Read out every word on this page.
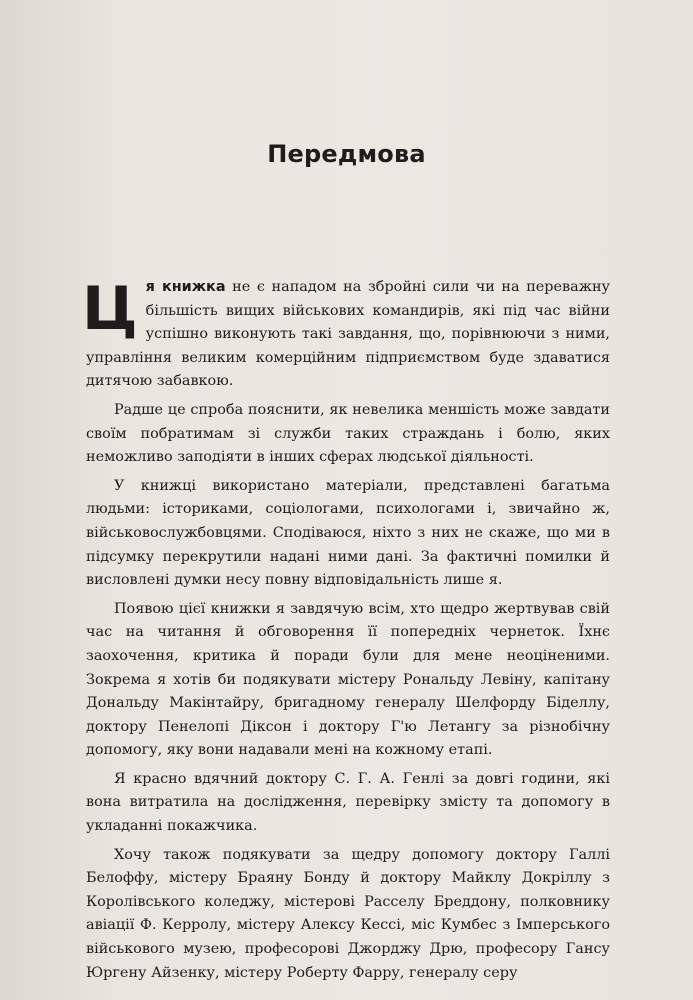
Передмова

Ця книжка не є нападом на збройні сили чи на переважну більшість вищих військових командирів, які під час війни успішно виконують такі завдання, що, порівнюючи з ними, управління великим комерційним підприємством буде здаватися дитячою забавкою.

Радше це спроба пояснити, як невелика меншість може завдати своїм побратимам зі служби таких страждань і болю, яких неможливо заподіяти в інших сферах людської діяльності.

У книжці використано матеріали, представлені багатьма людьми: істориками, соціологами, психологами і, звичайно ж, військовослужбовцями. Сподіваюся, ніхто з них не скаже, що ми в підсумку перекрутили надані ними дані. За фактичні помилки й висловлені думки несу повну відповідальність лише я.

Появою цієї книжки я завдячую всім, хто щедро жертвував свій час на читання й обговорення її попередніх чернеток. Їхнє заохочення, критика й поради були для мене неоціненими. Зокрема я хотів би подякувати містеру Рональду Левіну, капітану Дональду Макінтайру, бригадному генералу Шелфорду Біделлу, доктору Пенелопі Діксон і доктору Г'ю Летангу за різнобічну допомогу, яку вони надавали мені на кожному етапі.

Я красно вдячний доктору С. Г. А. Генлі за довгі години, які вона витратила на дослідження, перевірку змісту та допомогу в укладанні покажчика.

Хочу також подякувати за щедру допомогу доктору Галлі Белоффу, містеру Браяну Бонду й доктору Майклу Докріллу з Королівського коледжу, містерові Расселу Бреддону, полковнику авіації Ф. Керролу, містеру Алексу Кессі, міс Кумбес з Імперського військового музею, професорові Джорджу Дрю, професору Гансу Юргену Айзенку, містеру Роберту Фарру, генералу серу
